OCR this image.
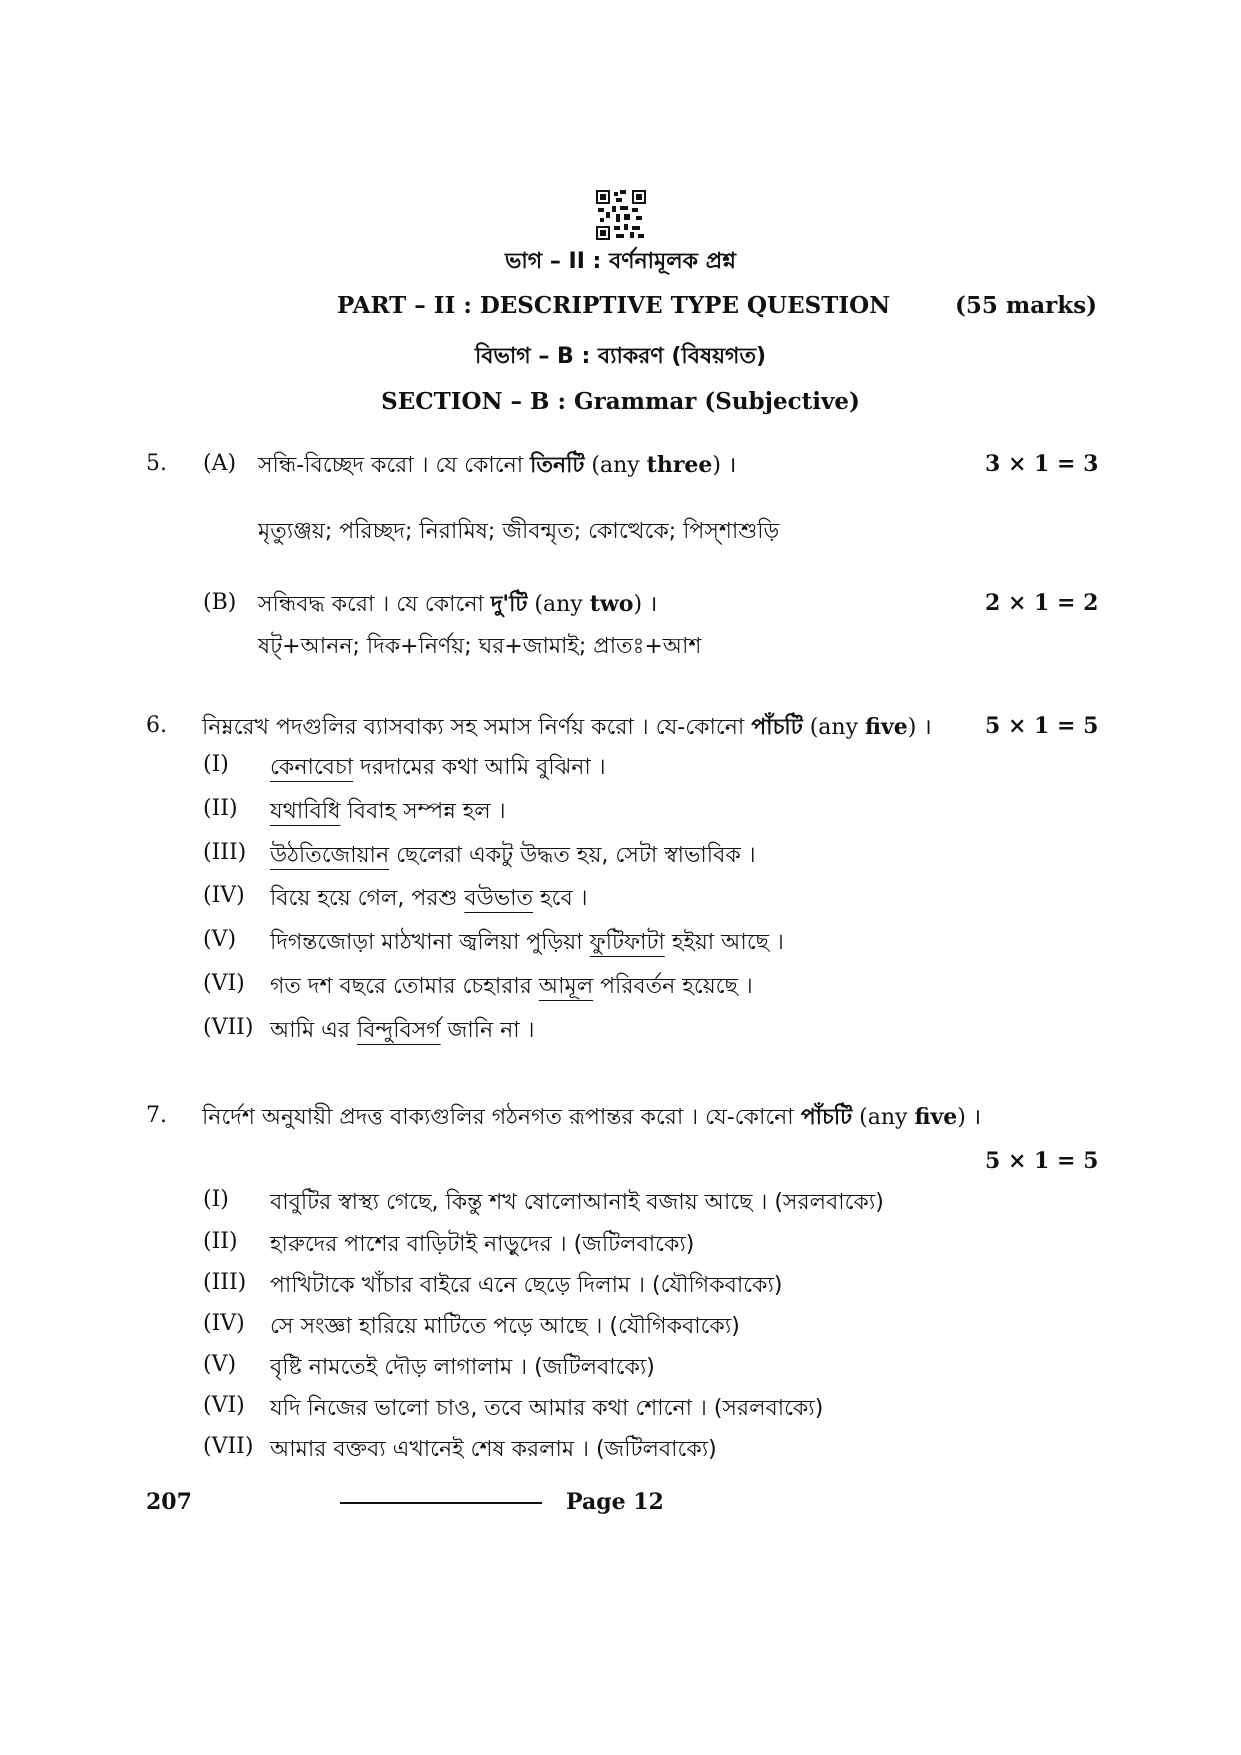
ভাগ – II : বর্ণনামূলক প্রশ্ন
PART – II : DESCRIPTIVE TYPE QUESTION	(55 marks)
বিভাগ – B : ব্যাকরণ (বিষয়গত)
SECTION – B : Grammar (Subjective)
5. (A) সন্ধি-বিচ্ছেদ করো । যে কোনো তিনটি (any three) ।	3 × 1 = 3
মৃত্যুঞ্জয়; পরিচ্ছদ; নিরামিষ; জীবন্মৃত; কোত্থেকে; পিস্‌শাশুড়ি
(B) সন্ধিবদ্ধ করো । যে কোনো দু'টি (any two) ।	2 × 1 = 2
ষট্+আনন; দিক+নির্ণয়; ঘর+জামাই; প্রাতঃ+আশ
6. নিম্নরেখ পদগুলির ব্যাসবাক্য সহ সমাস নির্ণয় করো । যে-কোনো পাঁচটি (any five) । 5 × 1 = 5
(I) কেনাবেচা দরদামের কথা আমি বুঝিনা ।
(II) যথাবিধি বিবাহ সম্পন্ন হল ।
(III) উঠতিজোয়ান ছেলেরা একটু উদ্ধত হয়, সেটা স্বাভাবিক ।
(IV) বিয়ে হয়ে গেল, পরশু বউভাত হবে ।
(V) দিগন্তজোড়া মাঠখানা জ্বলিয়া পুড়িয়া ফুটিফাটা হইয়া আছে ।
(VI) গত দশ বছরে তোমার চেহারার আমূল পরিবর্তন হয়েছে ।
(VII) আমি এর বিন্দুবিসর্গ জানি না ।
7. নির্দেশ অনুযায়ী প্রদত্ত বাক্যগুলির গঠনগত রূপান্তর করো । যে-কোনো পাঁচটি (any five) ।
5 × 1 = 5
(I) বাবুটির স্বাস্থ্য গেছে, কিন্তু শখ ষোলোআনাই বজায় আছে । (সরলবাক্যে)
(II) হারুদের পাশের বাড়িটাই নাড়ুদের । (জটিলবাক্যে)
(III) পাখিটাকে খাঁচার বাইরে এনে ছেড়ে দিলাম । (যৌগিকবাক্যে)
(IV) সে সংজ্ঞা হারিয়ে মাটিতে পড়ে আছে । (যৌগিকবাক্যে)
(V) বৃষ্টি নামতেই দৌড় লাগালাম । (জটিলবাক্যে)
(VI) যদি নিজের ভালো চাও, তবে আমার কথা শোনো । (সরলবাক্যে)
(VII) আমার বক্তব্য এখানেই শেষ করলাম । (জটিলবাক্যে)
207	Page 12
